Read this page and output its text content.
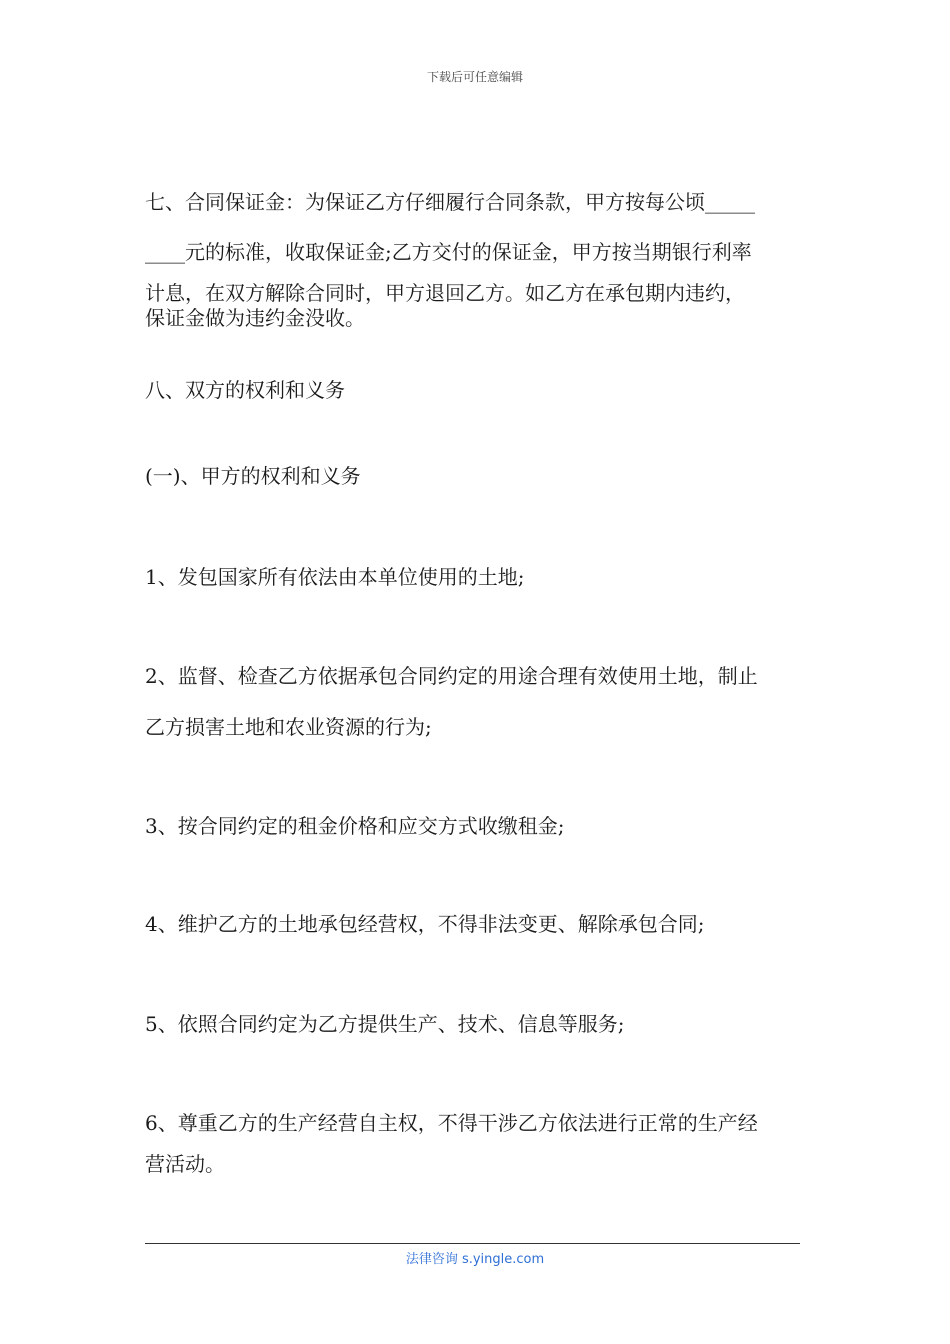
下载后可任意编辑
七、合同保证金：为保证乙方仔细履行合同条款，甲方按每公顷_____
____元的标准，收取保证金;乙方交付的保证金，甲方按当期银行利率
计息，在双方解除合同时，甲方退回乙方。如乙方在承包期内违约，
保证金做为违约金没收。
八、双方的权利和义务
(一)、甲方的权利和义务
1、发包国家所有依法由本单位使用的土地;
2、监督、检查乙方依据承包合同约定的用途合理有效使用土地，制止
乙方损害土地和农业资源的行为;
3、按合同约定的租金价格和应交方式收缴租金;
4、维护乙方的土地承包经营权，不得非法变更、解除承包合同;
5、依照合同约定为乙方提供生产、技术、信息等服务;
6、尊重乙方的生产经营自主权，不得干涉乙方依法进行正常的生产经
营活动。
法律咨询 s.yingle.com
